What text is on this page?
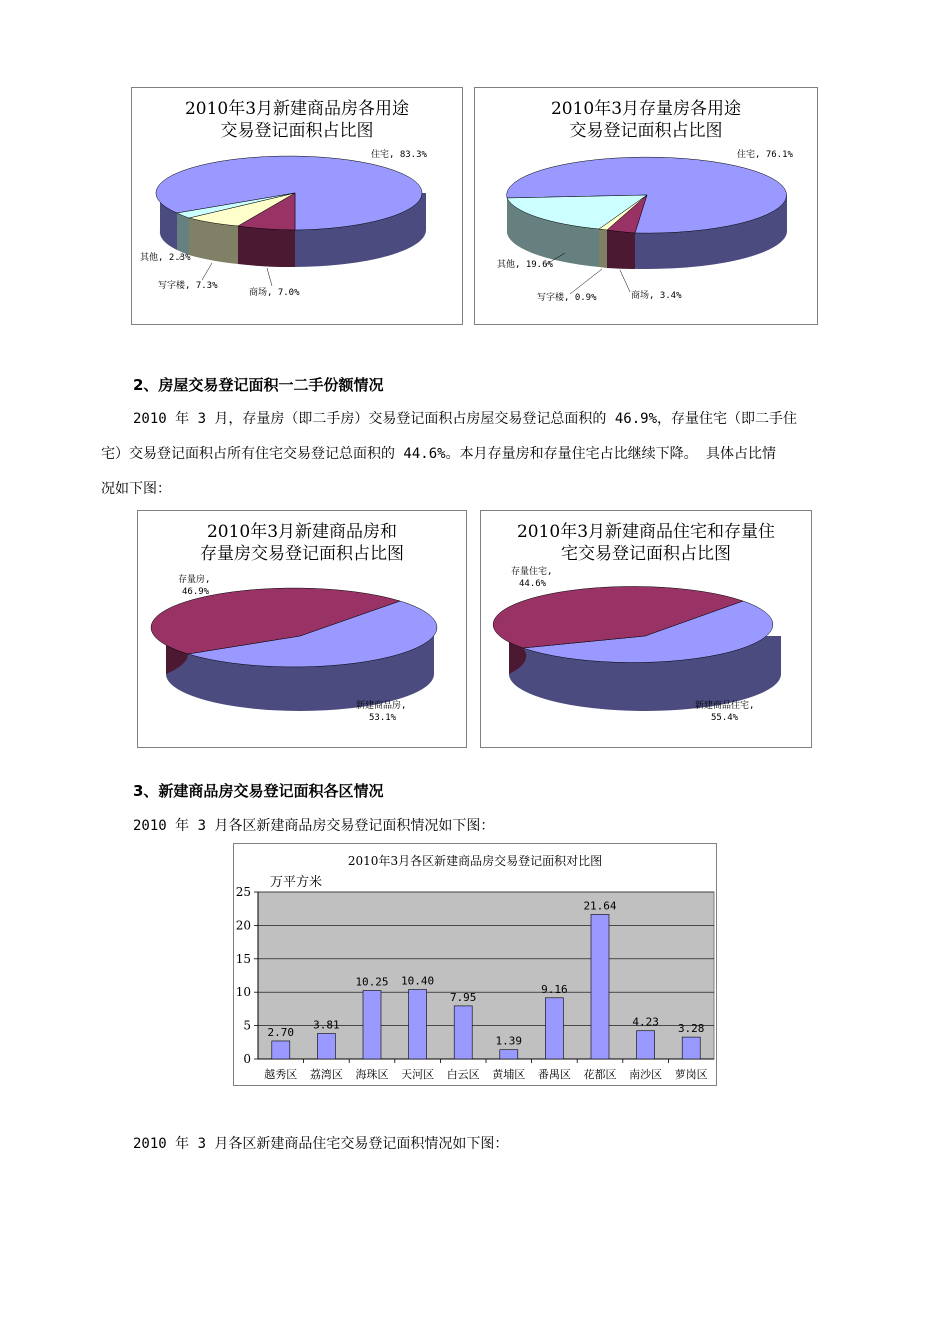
2010年3月新建商品房各用途
交易登记面积占比图
住宅, 83.3%
其他, 2.3%
写字楼, 7.3%
商场, 7.0%
2010年3月存量房各用途
交易登记面积占比图
住宅, 76.1%
其他, 19.6%
写字楼, 0.9%	商场, 3.4%
2、房屋交易登记面积一二手份额情况
2010 年 3 月，存量房（即二手房）交易登记面积占房屋交易登记总面积的 46.9%，存量住宅（即二手住
宅）交易登记面积占所有住宅交易登记总面积的 44.6%。本月存量房和存量住宅占比继续下降。 具体占比情
况如下图：
2010年3月新建商品房和
存量房交易登记面积占比图
存量房,
46.9%
新建商品房,
53.1%
2010年3月新建商品住宅和存量住
宅交易登记面积占比图
存量住宅,
44.6%
新建商品住宅,
55.4%
3、新建商品房交易登记面积各区情况
2010 年 3 月各区新建商品房交易登记面积情况如下图：
2010年3月各区新建商品房交易登记面积对比图
万平方米
0
5
10
15
20
25
2.70
越秀区
3.81
荔湾区
10.25
海珠区
10.40
天河区
7.95
白云区
1.39
黄埔区
9.16
番禺区
21.64
花都区
4.23
南沙区
3.28
萝岗区
2010 年 3 月各区新建商品住宅交易登记面积情况如下图：
